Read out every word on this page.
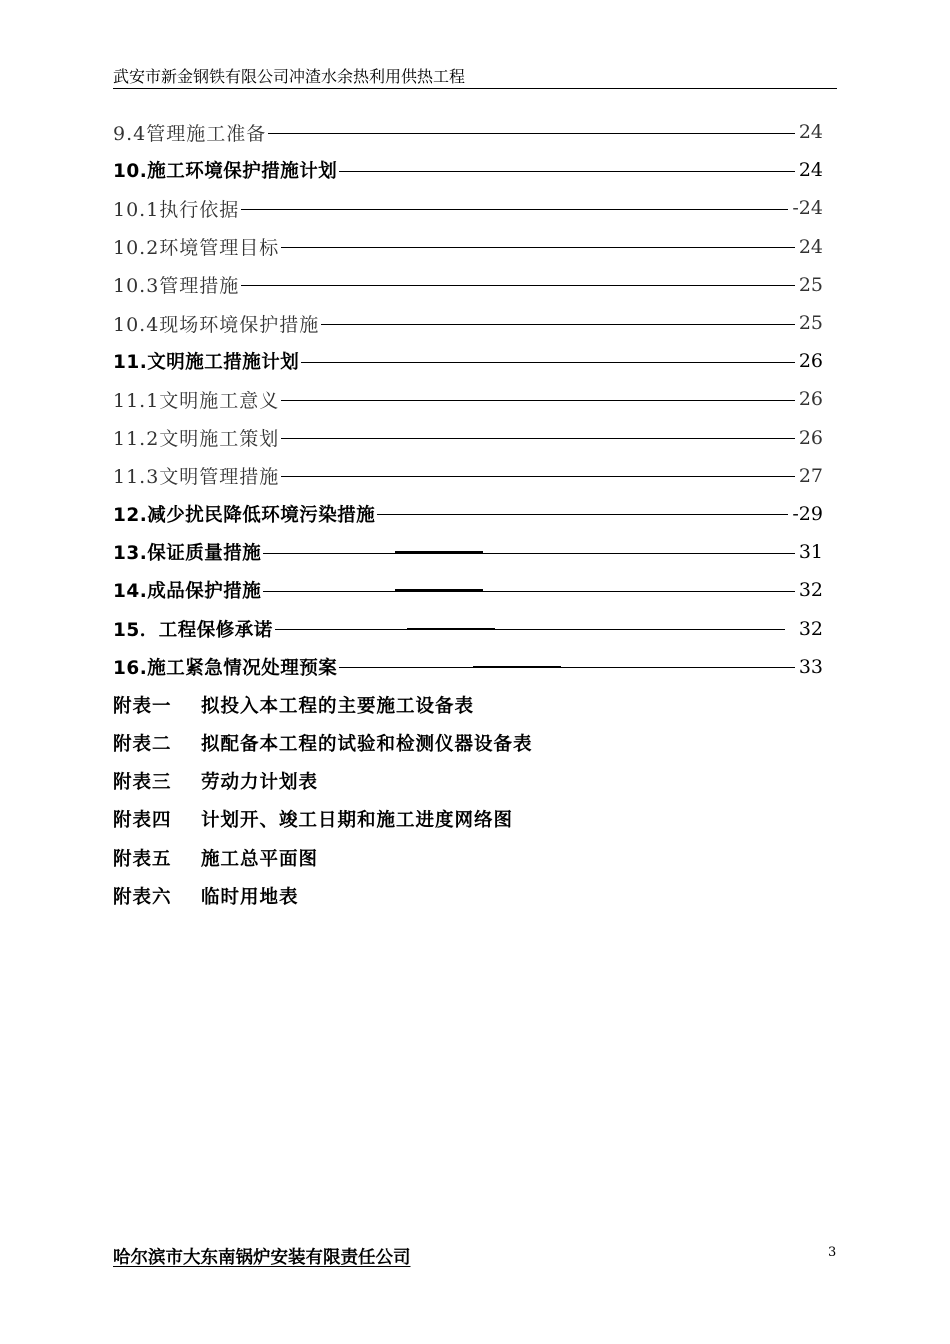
武安市新金钢铁有限公司冲渣水余热利用供热工程
9.4管理施工准备	24
10.施工环境保护措施计划	24
10.1执行依据	-24
10.2环境管理目标	24
10.3管理措施	25
10.4现场环境保护措施	25
11.文明施工措施计划	26
11.1文明施工意义	26
11.2文明施工策划	26
11.3文明管理措施	27
12.减少扰民降低环境污染措施	-29
13.保证质量措施	31
14.成品保护措施	32
15．工程保修承诺	32
16.施工紧急情况处理预案	33
附表一	拟投入本工程的主要施工设备表
附表二	拟配备本工程的试验和检测仪器设备表
附表三	劳动力计划表
附表四	计划开、竣工日期和施工进度网络图
附表五	施工总平面图
附表六	临时用地表
哈尔滨市大东南锅炉安装有限责任公司	3
